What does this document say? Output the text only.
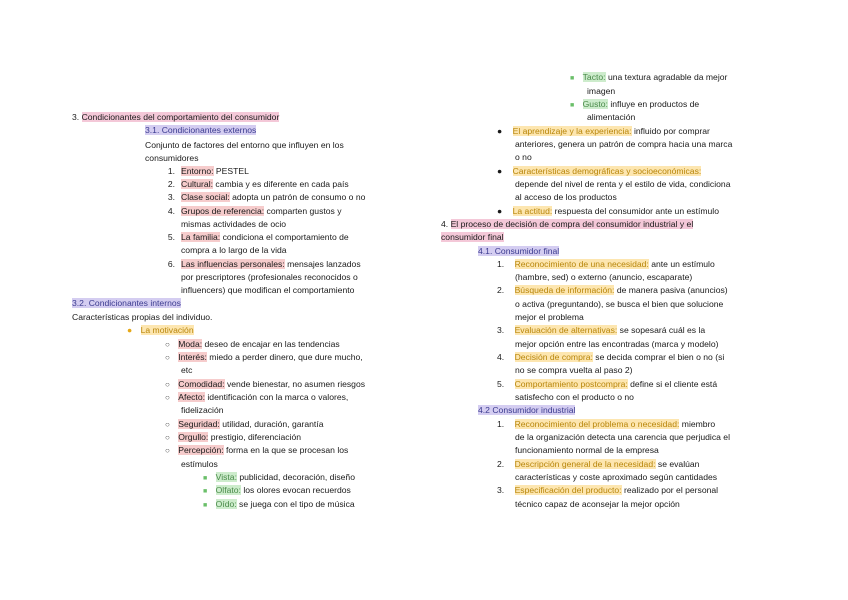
3. Condicionantes del comportamiento del consumidor
3.1. Condicionantes externos
Conjunto de factores del entorno que influyen en los
consumidores
1. Entorno: PESTEL
2. Cultural: cambia y es diferente en cada país
3. Clase social: adopta un patrón de consumo o no
4. Grupos de referencia: comparten gustos y
mismas actividades de ocio
5. La familia: condiciona el comportamiento de
compra a lo largo de la vida
6. Las influencias personales: mensajes lanzados
por prescriptores (profesionales reconocidos o
influencers) que modifican el comportamiento
3.2. Condicionantes internos
Características propias del individuo.
● La motivación
○ Moda: deseo de encajar en las tendencias
○ Interés: miedo a perder dinero, que dure mucho,
etc
○ Comodidad: vende bienestar, no asumen riesgos
○ Afecto: identificación con la marca o valores,
fidelización
○ Seguridad: utilidad, duración, garantía
○ Orgullo: prestigio, diferenciación
○ Percepción: forma en la que se procesan los
estímulos
■ Vista: publicidad, decoración, diseño
■ Olfato: los olores evocan recuerdos
■ Oído: se juega con el tipo de música
■ Tacto: una textura agradable da mejor
imagen
■ Gusto: influye en productos de
alimentación
● El aprendizaje y la experiencia: influido por comprar
anteriores, genera un patrón de compra hacia una marca
o no
● Características demográficas y socioeconómicas:
depende del nivel de renta y el estilo de vida, condiciona
al acceso de los productos
● La actitud: respuesta del consumidor ante un estímulo
4. El proceso de decisión de compra del consumidor industrial y el
consumidor final
4.1. Consumidor final
1. Reconocimiento de una necesidad: ante un estímulo
(hambre, sed) o externo (anuncio, escaparate)
2. Búsqueda de información: de manera pasiva (anuncios)
o activa (preguntando), se busca el bien que solucione
mejor el problema
3. Evaluación de alternativas: se sopesará cuál es la
mejor opción entre las encontradas (marca y modelo)
4. Decisión de compra: se decida comprar el bien o no (si
no se compra vuelta al paso 2)
5. Comportamiento postcompra: define si el cliente está
satisfecho con el producto o no
4.2 Consumidor industrial
1. Reconocimiento del problema o necesidad: miembro
de la organización detecta una carencia que perjudica el
funcionamiento normal de la empresa
2. Descripción general de la necesidad: se evalúan
características y coste aproximado según cantidades
3. Especificación del producto: realizado por el personal
técnico capaz de aconsejar la mejor opción
